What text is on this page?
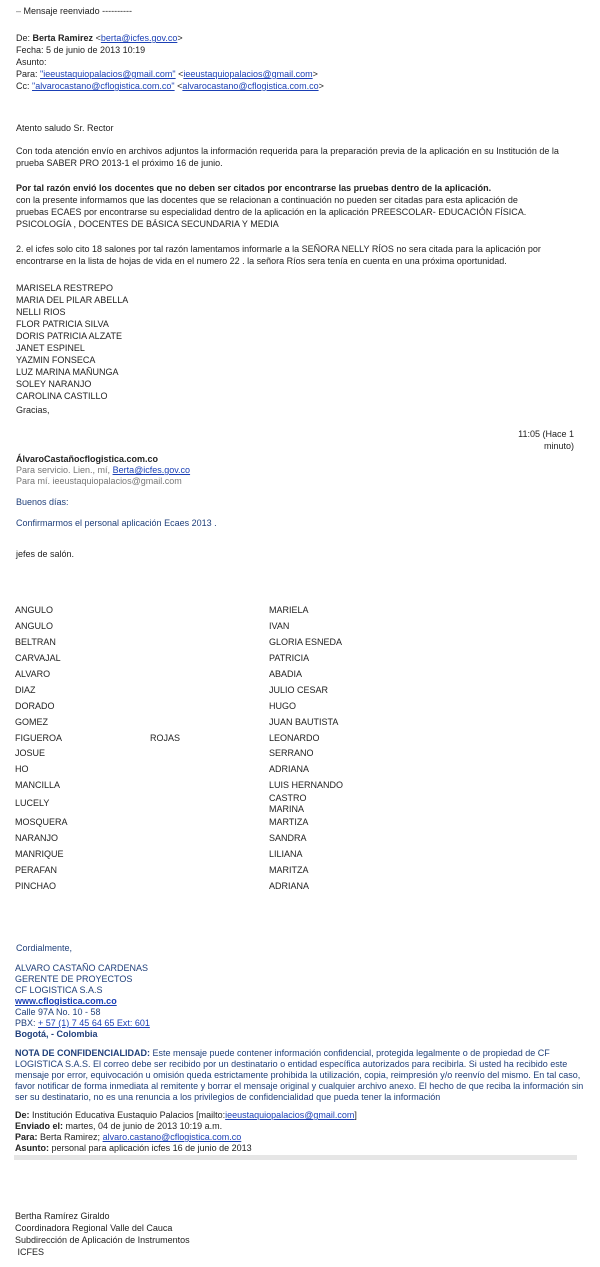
– Mensaje reenviado ----------
De: Berta Ramirez <berta@icfes.gov.co>
Fecha: 5 de junio de 2013 10:19
Asunto:
Para: "ieeustaquiopalacios@gmail.com" <ieeustaquiopalacios@gmail.com>
Cc: "alvarocastano@cflogistica.com.co" <alvarocastano@cflogistica.com.co>
Atento saludo Sr. Rector
Con toda atención envío en archivos adjuntos la información requerida para la preparación previa de la aplicación en su Institución de la prueba SABER PRO 2013-1 el próximo 16 de junio.
Por tal razón envió los docentes que no deben ser citados por encontrarse las pruebas dentro de la aplicación.
con la presente informamos que las docentes que se relacionan a continuación no pueden ser citadas para esta aplicación de
pruebas ECAES por encontrarse su especialidad dentro de la aplicación en la aplicación PREESCOLAR- EDUCACIÓN FÍSICA.
PSICOLOGÍA , DOCENTES DE BÁSICA SECUNDARIA Y MEDIA
2. el icfes solo cito 18 salones por tal razón lamentamos informarle a la SEÑORA NELLY RÍOS no sera citada para la aplicación por encontrarse en la lista de hojas de vida en el numero 22 . la señora Ríos sera tenía en cuenta en una próxima oportunidad.
MARISELA RESTREPO
MARIA DEL PILAR ABELLA
NELLI RIOS
FLOR PATRICIA SILVA
DORIS PATRICIA ALZATE
JANET ESPINEL
YAZMIN FONSECA
LUZ MARINA MAÑUNGA
SOLEY NARANJO
CAROLINA CASTILLO
Gracias,
11:05 (Hace 1
minuto)
ÁlvaroCastañocflogistica.com.co
Para servicio. Lien., mí, Berta@icfes.gov.co
Para mí. ieeustaquiopalacios@gmail.com
Buenos días:
Confirmarmos el personal aplicación Ecaes 2013 .
jefes de salón.
ANGULO	MARIELA
ANGULO	IVAN
BELTRAN	GLORIA ESNEDA
CARVAJAL	PATRICIA
ALVARO	ABADIA
DIAZ	JULIO CESAR
DORADO	HUGO
GOMEZ	JUAN BAUTISTA
FIGUEROA	ROJAS	LEONARDO
JOSUE	SERRANO
HO	ADRIANA
MANCILLA	LUIS HERNANDO
LUCELY	CASTRO
MARINA
MOSQUERA	MARTIZA
NARANJO	SANDRA
MANRIQUE	LILIANA
PERAFAN	MARITZA
PINCHAO	ADRIANA
Cordialmente,
ALVARO CASTAÑO CARDENAS
GERENTE DE PROYECTOS
CF LOGISTICA S.A.S
www.cflogistica.com.co
Calle 97A No. 10 - 58
PBX: + 57 (1) 7 45 64 65 Ext: 601
Bogotá, - Colombia
NOTA DE CONFIDENCIALIDAD: Este mensaje puede contener información confidencial, protegida legalmente o de propiedad de CF LOGISTICA S.A.S. El correo debe ser recibido por un destinatario o entidad específica autorizados para recibirla. Si usted ha recibido este mensaje por error, equivocación u omisión queda estrictamente prohibida la utilización, copia, reimpresión y/o reenvío del mismo. En tal caso, favor notificar de forma inmediata al remitente y borrar el mensaje original y cualquier archivo anexo. El hecho de que reciba la información sin ser su destinatario, no es una renuncia a los privilegios de confidencialidad que pueda tener la información
De: Institución Educativa Eustaquio Palacios [mailto:ieeustaquiopalacios@gmail.com]
Enviado el: martes, 04 de junio de 2013 10:19 a.m.
Para: Berta Ramirez; alvaro.castano@cflogistica.com.co
Asunto: personal para aplicación icfes 16 de junio de 2013
Bertha Ramírez Giraldo
Coordinadora Regional Valle del Cauca
Subdirección de Aplicación de Instrumentos
ICFES
